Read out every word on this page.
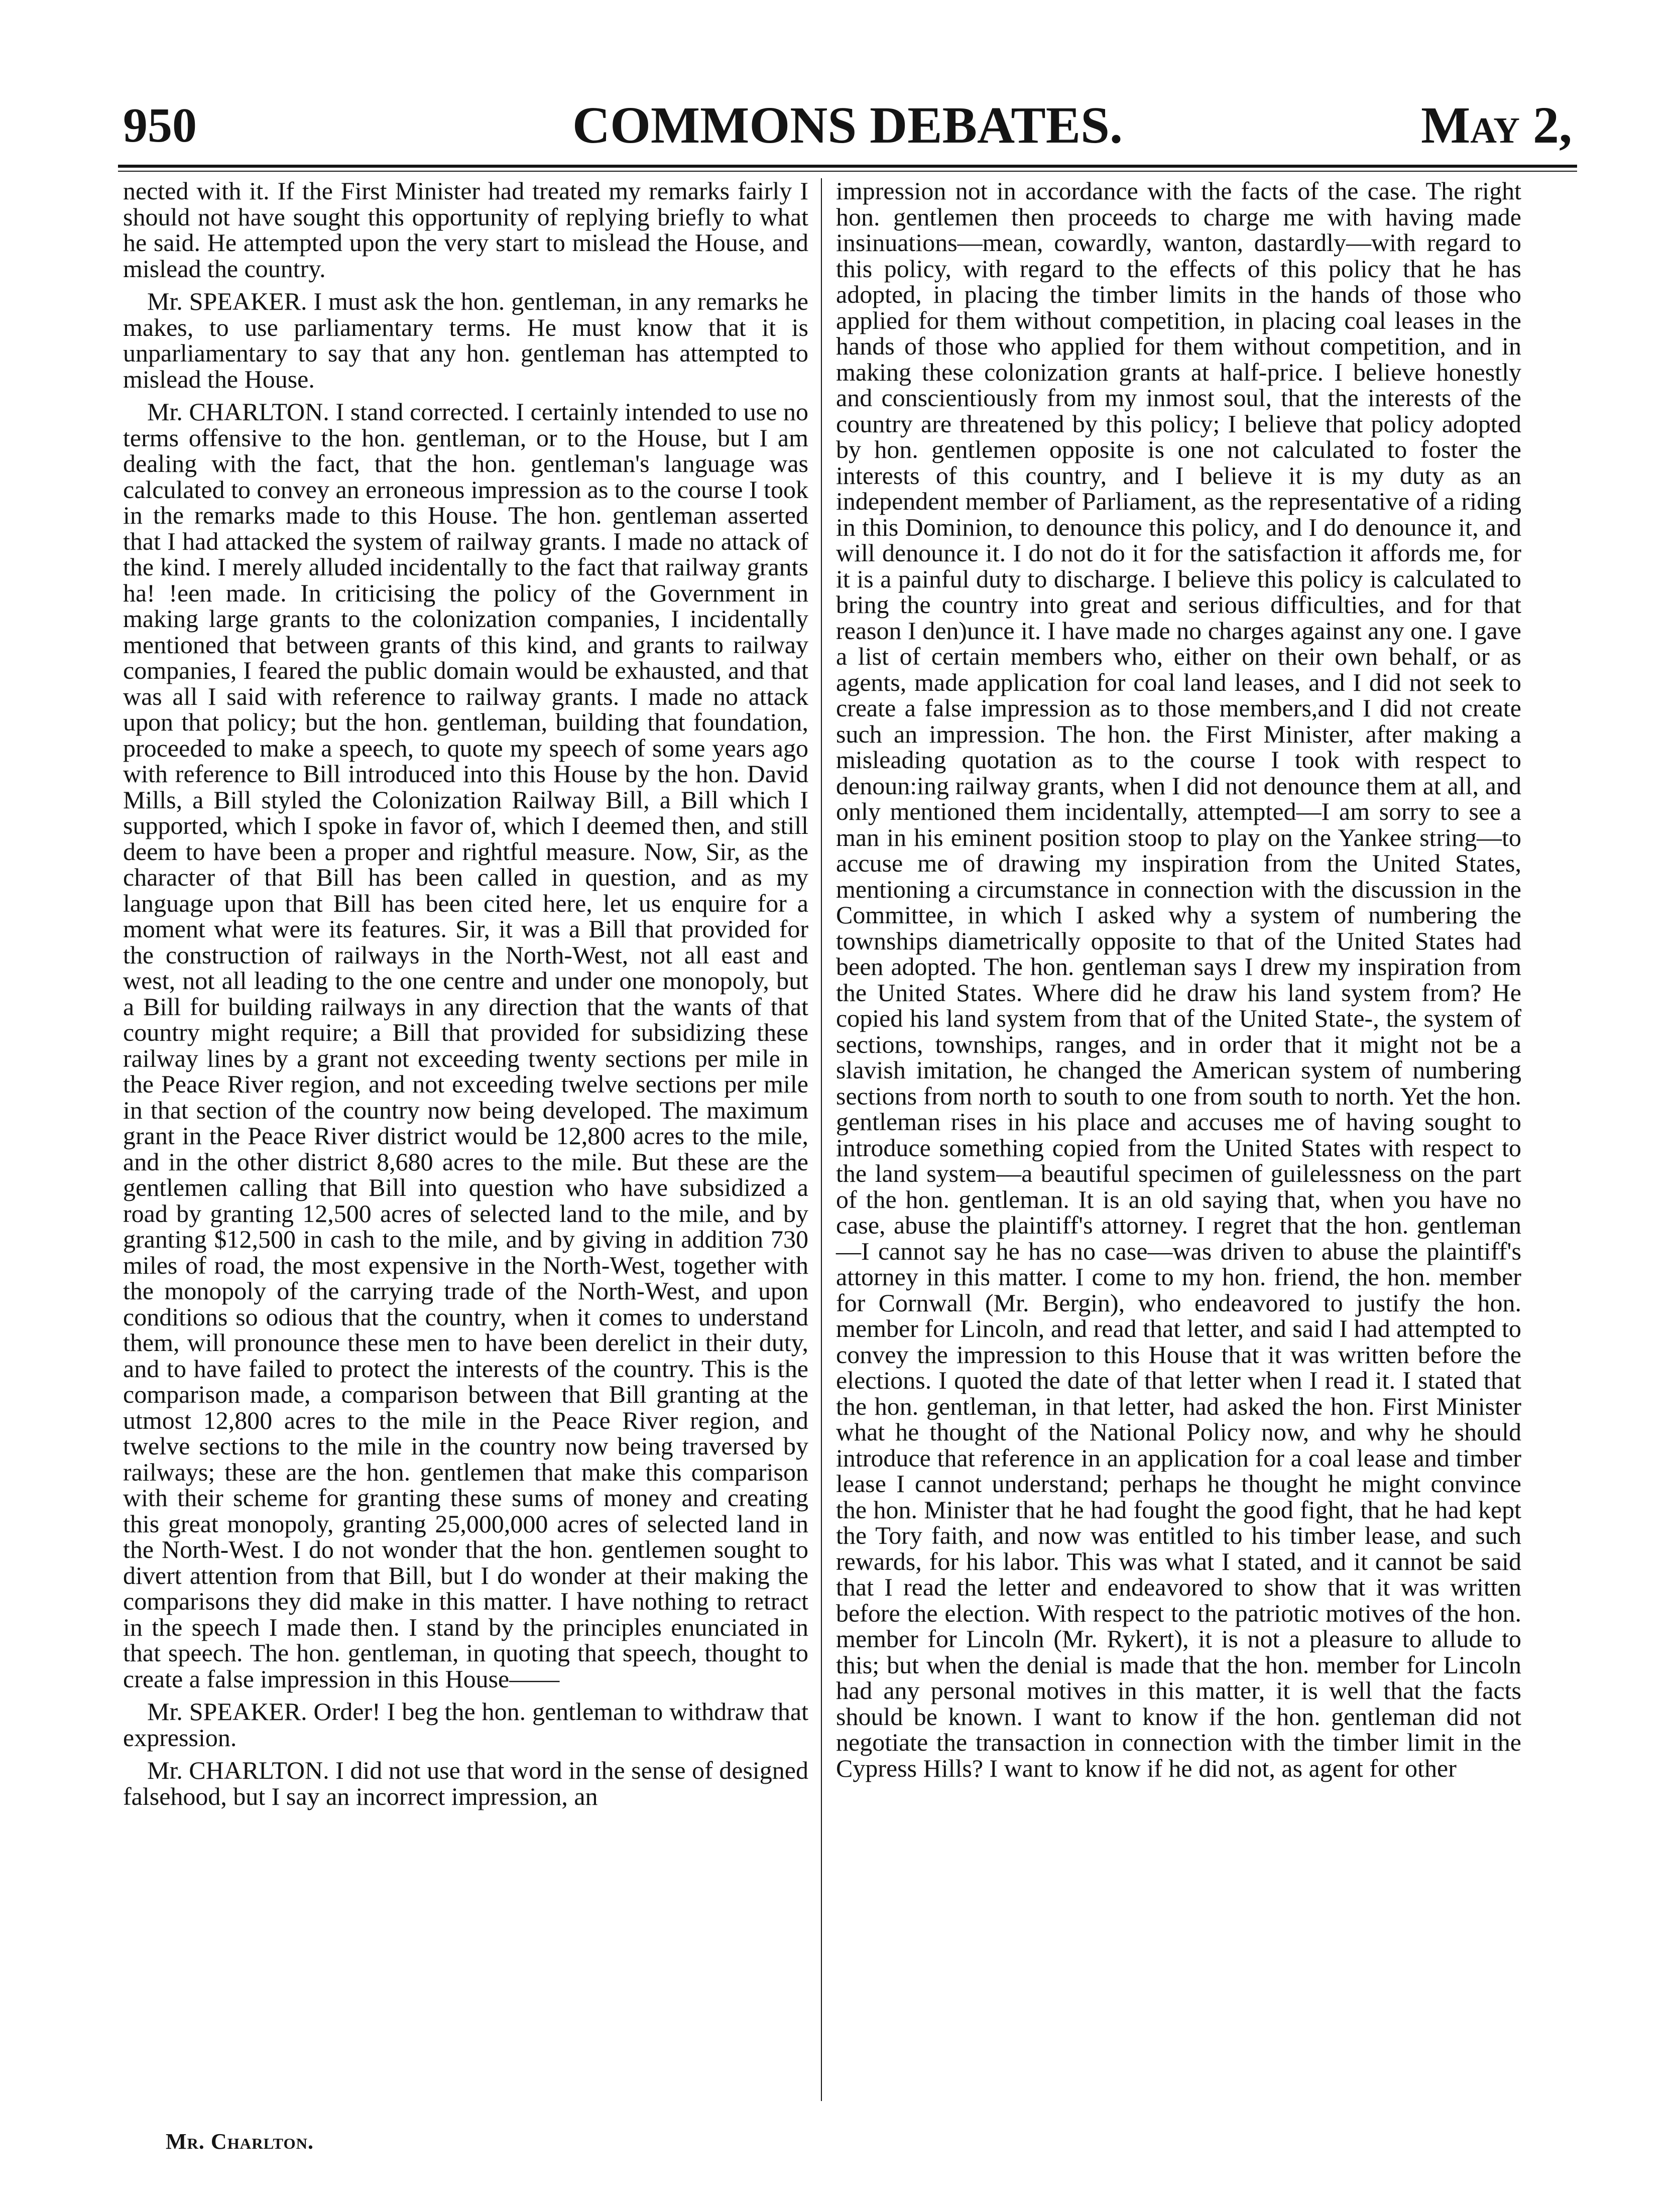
950	COMMONS DEBATES.	May 2,

nected with it. If the First Minister had treated my remarks fairly I should not have sought this opportunity of replying briefly to what he said. He attempted upon the very start to mislead the House, and mislead the country.

Mr. SPEAKER. I must ask the hon. gentleman, in any remarks he makes, to use parliamentary terms. He must know that it is unparliamentary to say that any hon. gentleman has attempted to mislead the House.

Mr. CHARLTON. I stand corrected. I certainly intended to use no terms offensive to the hon. gentleman, or to the House, but I am dealing with the fact, that the hon. gentleman's language was calculated to convey an erroneous impression as to the course I took in the remarks made to this House. The hon. gentleman asserted that I had attacked the system of railway grants. I made no attack of the kind. I merely alluded incidentally to the fact that railway grants ha! !een made. In criticising the policy of the Government in making large grants to the colonization companies, I incidentally mentioned that between grants of this kind, and grants to railway companies, I feared the public domain would be exhausted, and that was all I said with reference to railway grants. I made no attack upon that policy; but the hon. gentleman, building that foundation, proceeded to make a speech, to quote my speech of some years ago with reference to Bill introduced into this House by the hon. David Mills, a Bill styled the Colonization Railway Bill, a Bill which I supported, which I spoke in favor of, which I deemed then, and still deem to have been a proper and rightful measure. Now, Sir, as the character of that Bill has been called in question, and as my language upon that Bill has been cited here, let us enquire for a moment what were its features. Sir, it was a Bill that provided for the construction of railways in the North-West, not all east and west, not all leading to the one centre and under one monopoly, but a Bill for building railways in any direction that the wants of that country might require; a Bill that provided for subsidizing these railway lines by a grant not exceeding twenty sections per mile in the Peace River region, and not exceeding twelve sections per mile in that section of the country now being developed. The maximum grant in the Peace River district would be 12,800 acres to the mile, and in the other district 8,680 acres to the mile. But these are the gentlemen calling that Bill into question who have subsidized a road by granting 12,500 acres of selected land to the mile, and by granting $12,500 in cash to the mile, and by giving in addition 730 miles of road, the most expensive in the North-West, together with the monopoly of the carrying trade of the North-West, and upon conditions so odious that the country, when it comes to understand them, will pronounce these men to have been derelict in their duty, and to have failed to protect the interests of the country. This is the comparison made, a comparison between that Bill granting at the utmost 12,800 acres to the mile in the Peace River region, and twelve sections to the mile in the country now being traversed by railways; these are the hon. gentlemen that make this comparison with their scheme for granting these sums of money and creating this great monopoly, granting 25,000,000 acres of selected land in the North-West. I do not wonder that the hon. gentlemen sought to divert attention from that Bill, but I do wonder at their making the comparisons they did make in this matter. I have nothing to retract in the speech I made then. I stand by the principles enunciated in that speech. The hon. gentleman, in quoting that speech, thought to create a false impression in this House——

Mr. SPEAKER. Order! I beg the hon. gentleman to withdraw that expression.

Mr. CHARLTON. I did not use that word in the sense of designed falsehood, but I say an incorrect impression, an

impression not in accordance with the facts of the case. The right hon. gentlemen then proceeds to charge me with having made insinuations—mean, cowardly, wanton, dastardly—with regard to this policy, with regard to the effects of this policy that he has adopted, in placing the timber limits in the hands of those who applied for them without competition, in placing coal leases in the hands of those who applied for them without competition, and in making these colonization grants at half-price. I believe honestly and conscientiously from my inmost soul, that the interests of the country are threatened by this policy; I believe that policy adopted by hon. gentlemen opposite is one not calculated to foster the interests of this country, and I believe it is my duty as an independent member of Parliament, as the representative of a riding in this Dominion, to denounce this policy, and I do denounce it, and will denounce it. I do not do it for the satisfaction it affords me, for it is a painful duty to discharge. I believe this policy is calculated to bring the country into great and serious difficulties, and for that reason I den)unce it. I have made no charges against any one. I gave a list of certain members who, either on their own behalf, or as agents, made application for coal land leases, and I did not seek to create a false impression as to those members,and I did not create such an impression. The hon. the First Minister, after making a misleading quotation as to the course I took with respect to denoun:ing railway grants, when I did not denounce them at all, and only mentioned them incidentally, attempted—I am sorry to see a man in his eminent position stoop to play on the Yankee string—to accuse me of drawing my inspiration from the United States, mentioning a circumstance in connection with the discussion in the Committee, in which I asked why a system of numbering the townships diametrically opposite to that of the United States had been adopted. The hon. gentleman says I drew my inspiration from the United States. Where did he draw his land system from? He copied his land system from that of the United State-, the system of sections, townships, ranges, and in order that it might not be a slavish imitation, he changed the American system of numbering sections from north to south to one from south to north. Yet the hon. gentleman rises in his place and accuses me of having sought to introduce something copied from the United States with respect to the land system—a beautiful specimen of guilelessness on the part of the hon. gentleman. It is an old saying that, when you have no case, abuse the plaintiff's attorney. I regret that the hon. gentleman—I cannot say he has no case—was driven to abuse the plaintiff's attorney in this matter. I come to my hon. friend, the hon. member for Cornwall (Mr. Bergin), who endeavored to justify the hon. member for Lincoln, and read that letter, and said I had attempted to convey the impression to this House that it was written before the elections. I quoted the date of that letter when I read it. I stated that the hon. gentleman, in that letter, had asked the hon. First Minister what he thought of the National Policy now, and why he should introduce that reference in an application for a coal lease and timber lease I cannot understand; perhaps he thought he might convince the hon. Minister that he had fought the good fight, that he had kept the Tory faith, and now was entitled to his timber lease, and such rewards, for his labor. This was what I stated, and it cannot be said that I read the letter and endeavored to show that it was written before the election. With respect to the patriotic motives of the hon. member for Lincoln (Mr. Rykert), it is not a pleasure to allude to this; but when the denial is made that the hon. member for Lincoln had any personal motives in this matter, it is well that the facts should be known. I want to know if the hon. gentleman did not negotiate the transaction in connection with the timber limit in the Cypress Hills? I want to know if he did not, as agent for other

Mr. Charlton.
